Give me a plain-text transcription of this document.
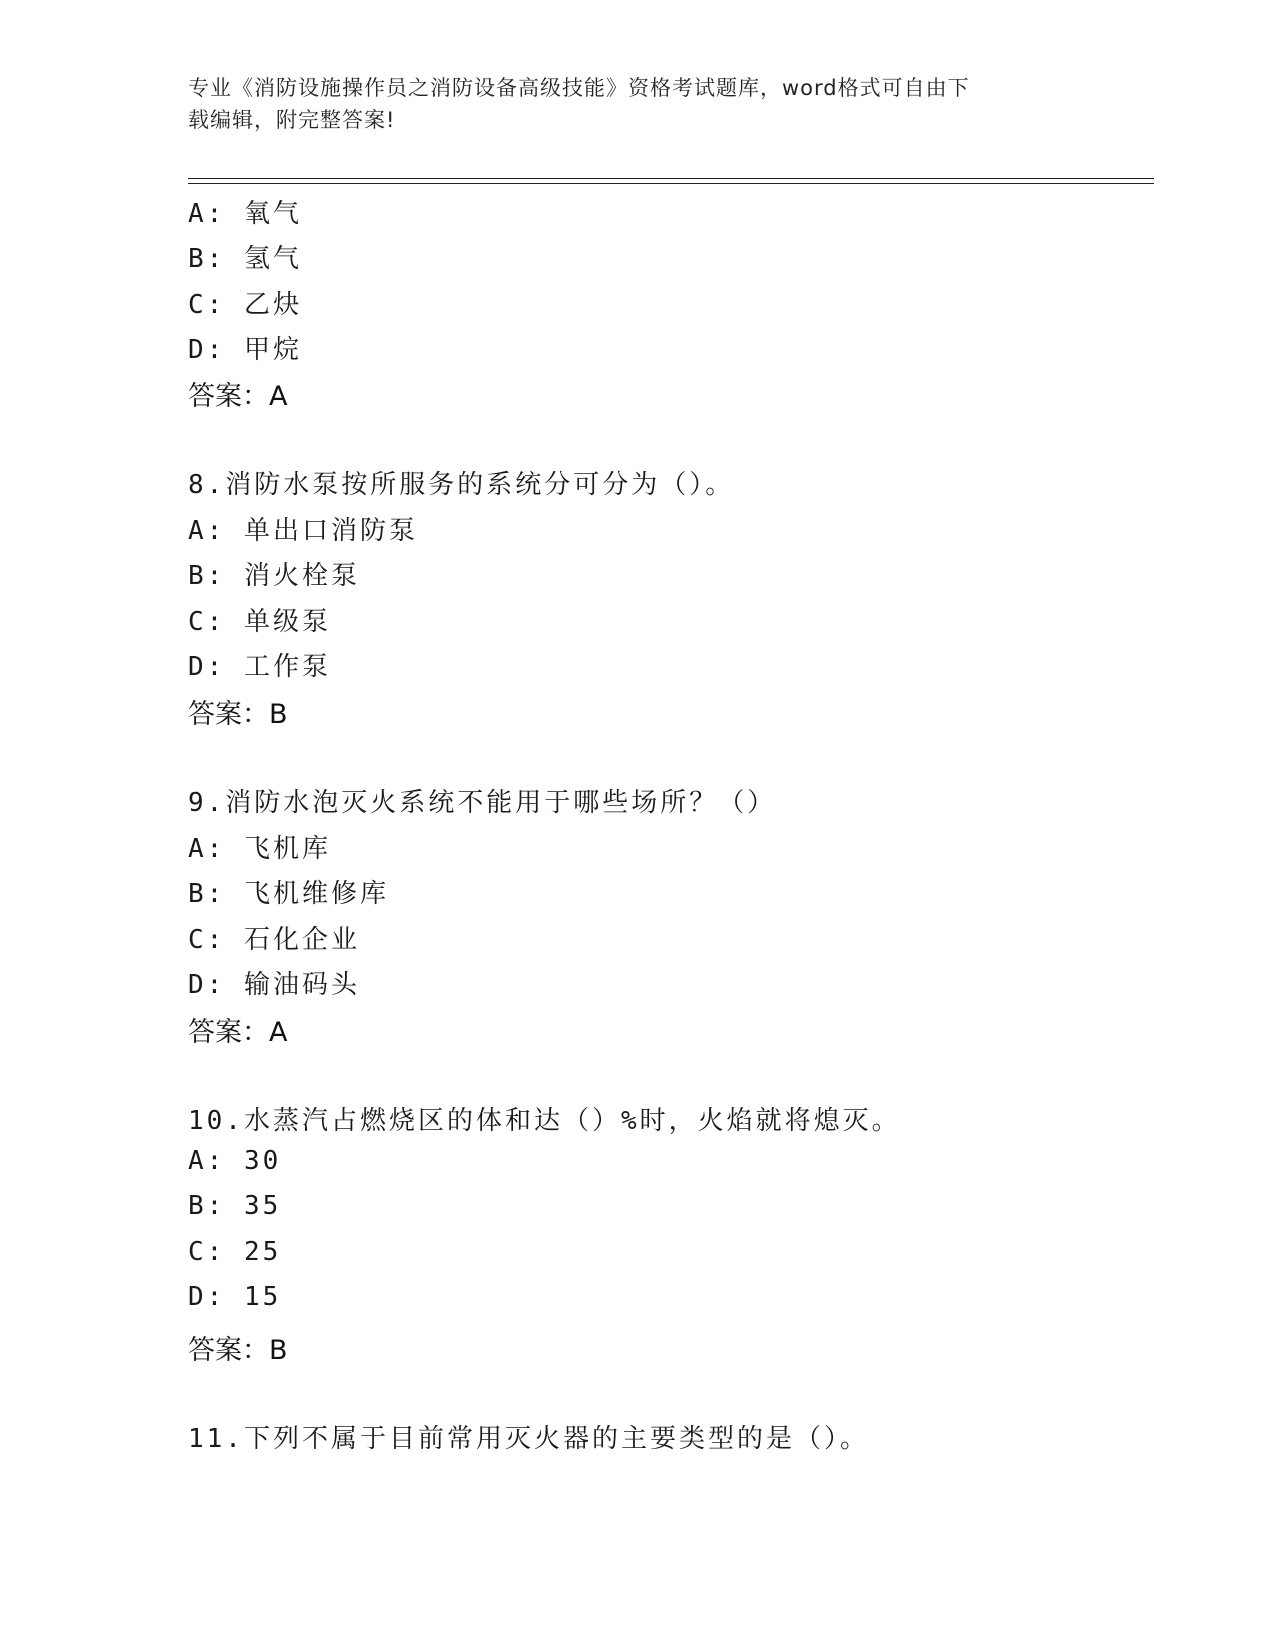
专业《消防设施操作员之消防设备高级技能》资格考试题库，word格式可自由下
载编辑，附完整答案!
A: 氧气
B: 氢气
C: 乙炔
D: 甲烷
答案：A
8.消防水泵按所服务的系统分可分为（）。
A: 单出口消防泵
B: 消火栓泵
C: 单级泵
D: 工作泵
答案：B
9.消防水泡灭火系统不能用于哪些场所？（）
A: 飞机库
B: 飞机维修库
C: 石化企业
D: 输油码头
答案：A
10.水蒸汽占燃烧区的体和达（）%时，火焰就将熄灭。
A: 30
B: 35
C: 25
D: 15
答案：B
11.下列不属于目前常用灭火器的主要类型的是（）。
